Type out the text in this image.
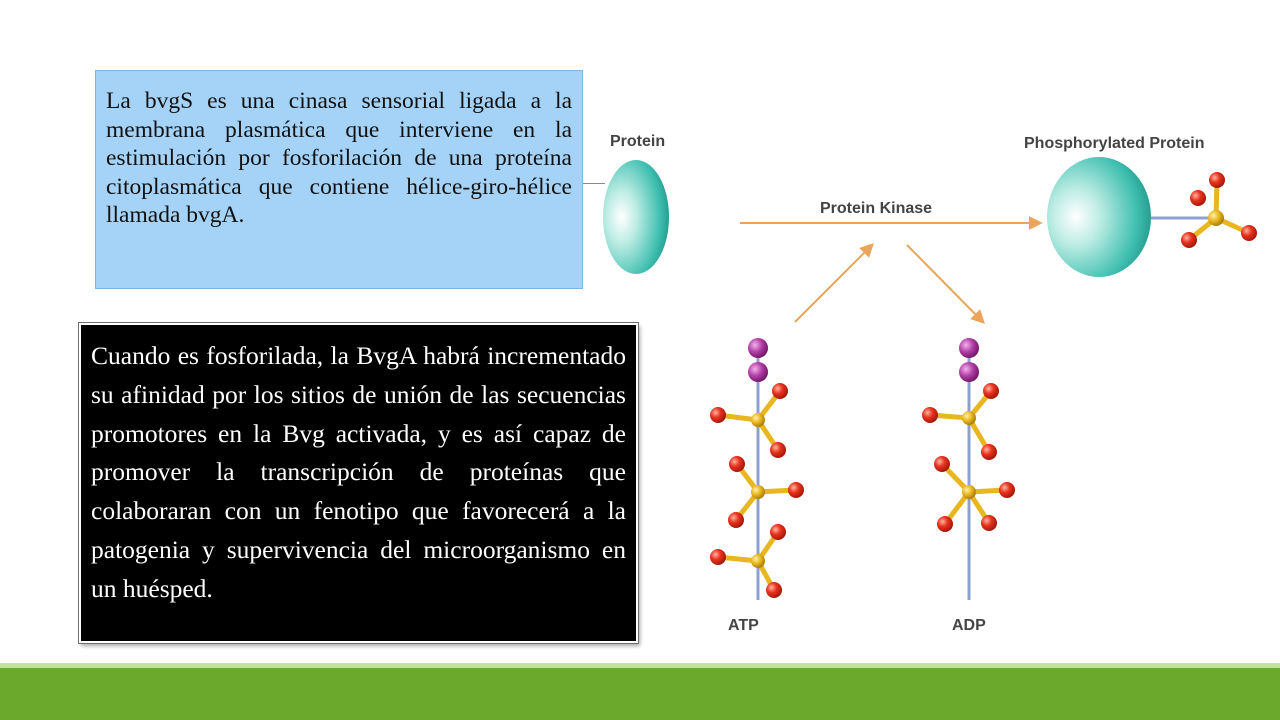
La bvgS es una cinasa sensorial ligada a la membrana plasmática que interviene en la estimulación por fosforilación de una proteína citoplasmática que contiene hélice-giro-hélice llamada bvgA.

Cuando es fosforilada, la BvgA habrá incrementado su afinidad por los sitios de unión de las secuencias promotores en la Bvg activada, y es así capaz de promover la transcripción de proteínas que colaboraran con un fenotipo que favorecerá a la patogenia y supervivencia del microorganismo en un huésped.

Protein	Phosphorylated Protein
Protein Kinase
ATP	ADP
